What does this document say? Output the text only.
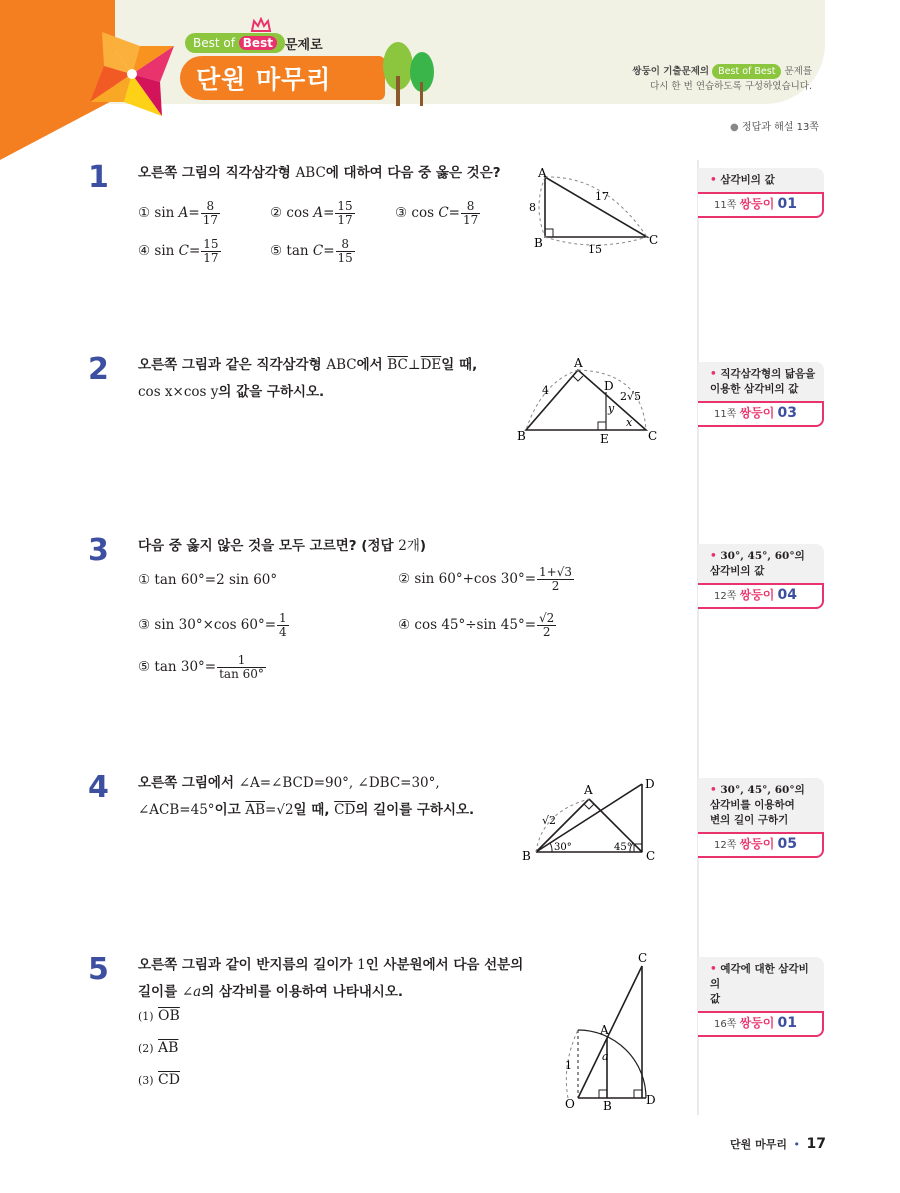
Best of Best 문제로
단원 마무리	쌍둥이 기출문제의 Best of Best 문제를
다시 한 번 연습하도록 구성하였습니다.
● 정답과 해설 13쪽
1	오른쪽 그림의 직각삼각형 ABC에 대하여 다음 중 옳은 것은?
① $\sin A= \frac{8}{17}$	② $\cos A= \frac{15}{17}$	③ $\cos C= \frac{8}{17}$
④ $\sin C= \frac{15}{17}$	⑤ $\tan C= \frac{8}{15}$
A
B	C
8
17
15
• 삼각비의 값
11쪽 쌍둥이 01
2	오른쪽 그림과 같은 직각삼각형 ABC에서 $\overline{BC}\perp\overline{DE}$일 때,
cos x×cos y의 값을 구하시오.
A
B	C
D
E
4	2√5
y
x
• 직각삼각형의 닮음을
이용한 삼각비의 값
11쪽 쌍둥이 03
3	다음 중 옳지 않은 것을 모두 고르면? (정답 2개)
① tan 60°=2 sin 60°	② sin 60°+cos $30^\circ= \frac{1+√3}{2}$
③ sin 30°×cos $60^\circ= \frac{1}{4}$	④ cos 45°÷sin $45^\circ= \frac{√2}{2}$
⑤ $\tan 30^\circ= \frac{1}{\tan 60^\circ}$
• 30°, 45°, 60°의
삼각비의 값
12쪽 쌍둥이 04
4	오른쪽 그림에서 ∠A=∠BCD=90°, ∠DBC=30°,
∠ACB=45°이고 $\overline{AB}=√2$일 때, $\overline{CD}$의 길이를 구하시오.
A
B	C
D
√2
30°	45°
• 30°, 45°, 60°의
삼각비를 이용하여
변의 길이 구하기
12쪽 쌍둥이 05
5	오른쪽 그림과 같이 반지름의 길이가 1인 사분원에서 다음 선분의
길이를 ∠a의 삼각비를 이용하여 나타내시오.
(1) $\overline{OB}$
(2) $\overline{AB}$
(3) $\overline{CD}$
C
A
a
O B	D
1
• 예각에 대한 삼각비의
값
16쪽 쌍둥이 01
단원 마무리 • 17
